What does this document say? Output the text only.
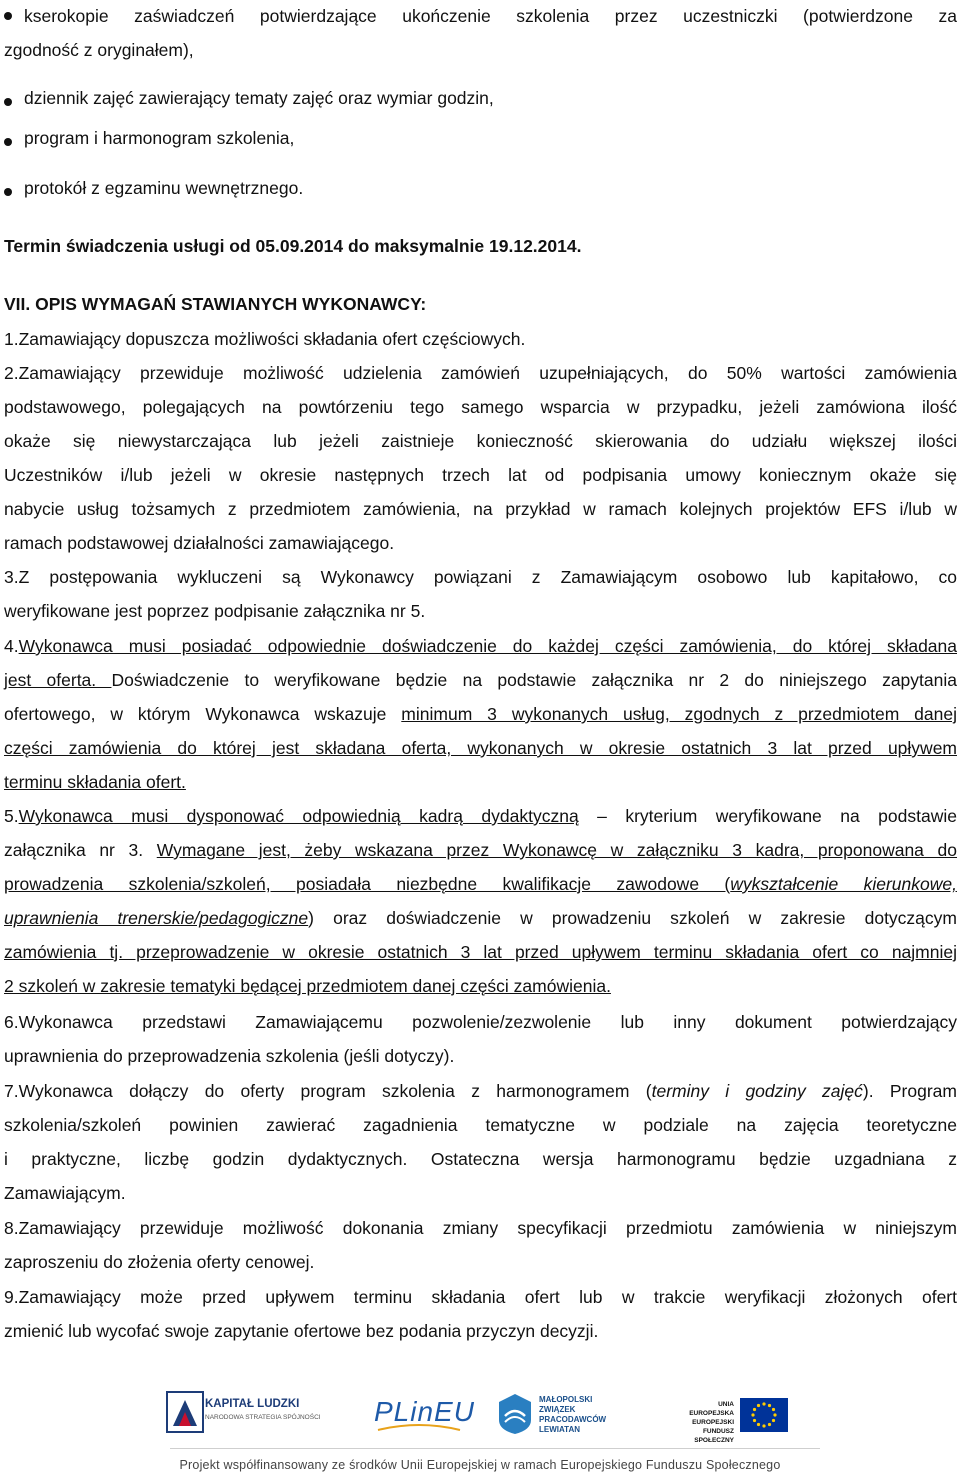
kserokopie zaświadczeń potwierdzające ukończenie szkolenia przez uczestniczki (potwierdzone za
zgodność z oryginałem),
dziennik zajęć zawierający tematy zajęć oraz wymiar godzin,
program i harmonogram szkolenia,
protokół z egzaminu wewnętrznego.
Termin świadczenia usługi od 05.09.2014 do maksymalnie 19.12.2014.
VII. OPIS WYMAGAŃ STAWIANYCH WYKONAWCY:
1.Zamawiający dopuszcza możliwości składania ofert częściowych.
2.Zamawiający przewiduje możliwość udzielenia zamówień uzupełniających, do 50% wartości zamówienia
podstawowego, polegających na powtórzeniu tego samego wsparcia w przypadku, jeżeli zamówiona ilość
okaże się niewystarczająca lub jeżeli zaistnieje konieczność skierowania do udziału większej ilości
Uczestników i/lub jeżeli w okresie następnych trzech lat od podpisania umowy koniecznym okaże się
nabycie usług tożsamych z przedmiotem zamówienia, na przykład w ramach kolejnych projektów EFS i/lub w
ramach podstawowej działalności zamawiającego.
3.Z postępowania wykluczeni są Wykonawcy powiązani z Zamawiającym osobowo lub kapitałowo, co
weryfikowane jest poprzez podpisanie załącznika nr 5.
4.Wykonawca musi posiadać odpowiednie doświadczenie do każdej części zamówienia, do której składana
jest oferta. Doświadczenie to weryfikowane będzie na podstawie załącznika nr 2 do niniejszego zapytania
ofertowego, w którym Wykonawca wskazuje minimum 3 wykonanych usług, zgodnych z przedmiotem danej
części zamówienia do której jest składana oferta, wykonanych w okresie ostatnich 3 lat przed upływem
terminu składania ofert.
5.Wykonawca musi dysponować odpowiednią kadrą dydaktyczną – kryterium weryfikowane na podstawie
załącznika nr 3. Wymagane jest, żeby wskazana przez Wykonawcę w załączniku 3 kadra, proponowana do
prowadzenia szkolenia/szkoleń, posiadała niezbędne kwalifikacje zawodowe (wykształcenie kierunkowe,
uprawnienia trenerskie/pedagogiczne) oraz doświadczenie w prowadzeniu szkoleń w zakresie dotyczącym
zamówienia tj. przeprowadzenie w okresie ostatnich 3 lat przed upływem terminu składania ofert co najmniej
2 szkoleń w zakresie tematyki będącej przedmiotem danej części zamówienia.
6.Wykonawca przedstawi Zamawiającemu pozwolenie/zezwolenie lub inny dokument potwierdzający
uprawnienia do przeprowadzenia szkolenia (jeśli dotyczy).
7.Wykonawca dołączy do oferty program szkolenia z harmonogramem (terminy i godziny zajęć). Program
szkolenia/szkoleń powinien zawierać zagadnienia tematyczne w podziale na zajęcia teoretyczne
i praktyczne, liczbę godzin dydaktycznych. Ostateczna wersja harmonogramu będzie uzgadniana z
Zamawiającym.
8.Zamawiający przewiduje możliwość dokonania zmiany specyfikacji przedmiotu zamówienia w niniejszym
zaproszeniu do złożenia oferty cenowej.
9.Zamawiający może przed upływem terminu składania ofert lub w trakcie weryfikacji złożonych ofert
zmienić lub wycofać swoje zapytanie ofertowe bez podania przyczyn decyzji.
KAPITAŁ LUDZKI
NARODOWA STRATEGIA SPÓJNOŚCI PLinEU	MAŁOPOLSKI
ZWIĄZEK
PRACODAWCÓW
LEWIATAN
UNIA EUROPEJSKA
EUROPEJSKI
FUNDUSZ SPOŁECZNY
Projekt współfinansowany ze środków Unii Europejskiej w ramach Europejskiego Funduszu Społecznego
